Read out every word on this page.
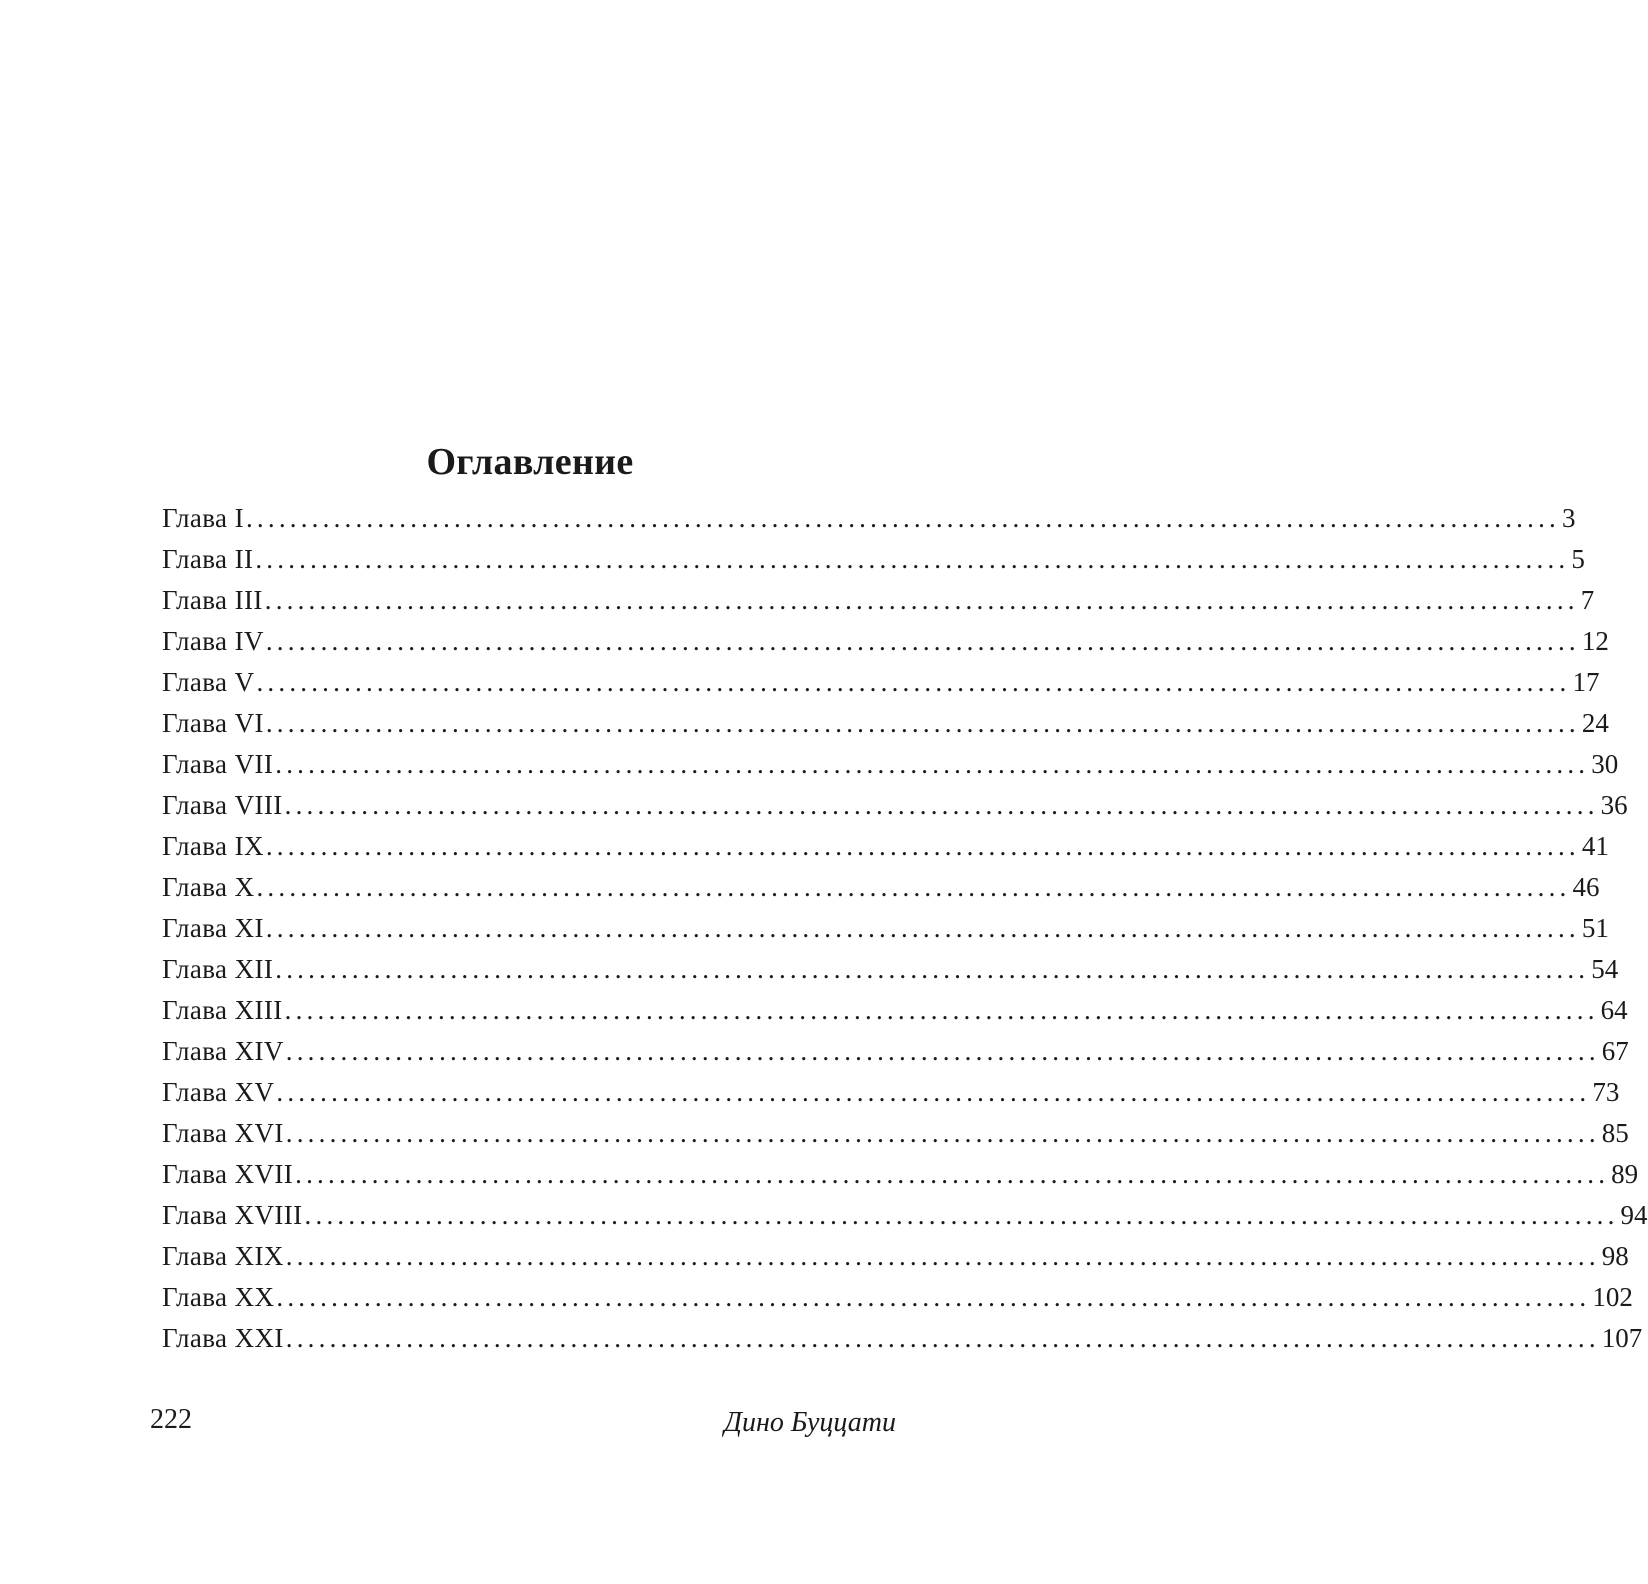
Оглавление
Глава I ........................................................................................................................ 3
Глава II ........................................................................................................................ 5
Глава III ........................................................................................................................ 7
Глава IV ........................................................................................................................ 12
Глава V ........................................................................................................................ 17
Глава VI ........................................................................................................................ 24
Глава VII ........................................................................................................................ 30
Глава VIII ........................................................................................................................ 36
Глава IX ........................................................................................................................ 41
Глава X ........................................................................................................................ 46
Глава XI ........................................................................................................................ 51
Глава XII ........................................................................................................................ 54
Глава XIII ........................................................................................................................ 64
Глава XIV ........................................................................................................................ 67
Глава XV ........................................................................................................................ 73
Глава XVI ........................................................................................................................ 85
Глава XVII ........................................................................................................................ 89
Глава XVIII ........................................................................................................................ 94
Глава XIX ........................................................................................................................ 98
Глава XX ........................................................................................................................ 102
Глава XXI ........................................................................................................................ 107
222	Дино Буццати
